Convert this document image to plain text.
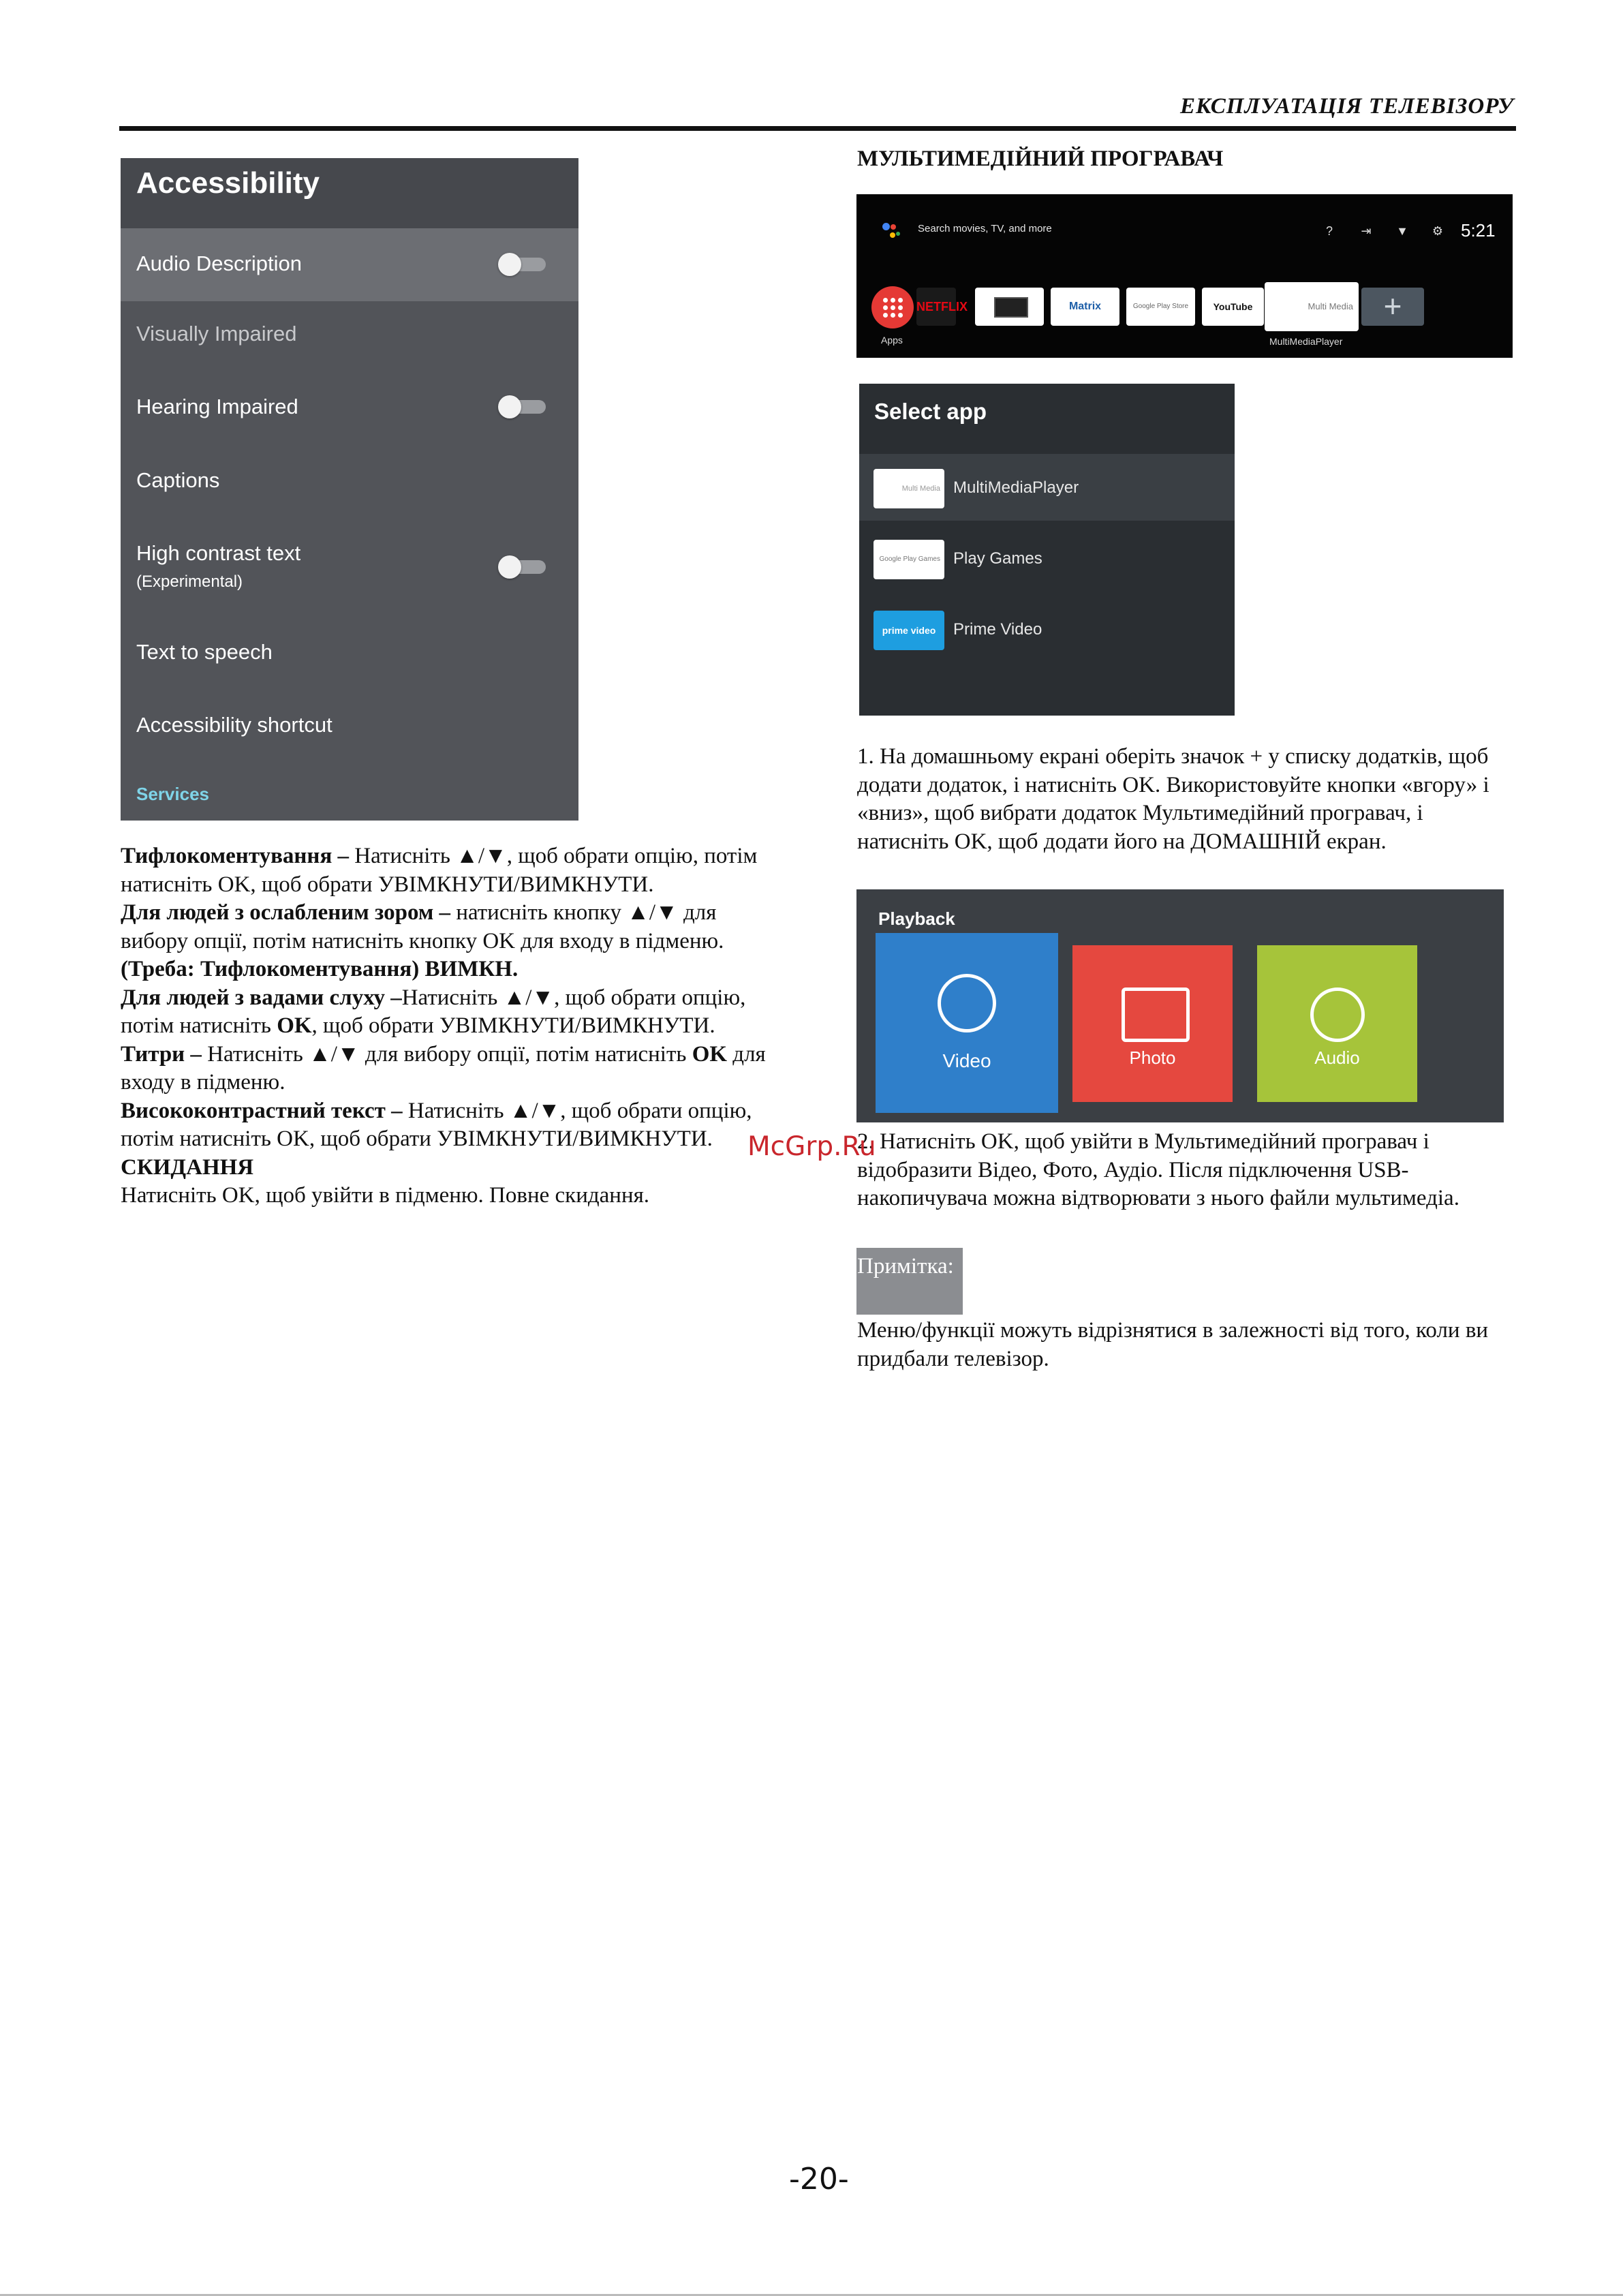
ЕКСПЛУАТАЦІЯ ТЕЛЕВІЗОРУ
Accessibility
Audio Description
Visually Impaired
Hearing Impaired
Captions
High contrast text
(Experimental)
Text to speech
Accessibility shortcut
Services

Тифлокоментування – Натисніть ▲/▼, щоб обрати опцію, потім натисніть OK, щоб обрати УВІМКНУТИ/ВИМКНУТИ.

Для людей з ослабленим зором – натисніть кнопку ▲/▼ для вибору опції, потім натисніть кнопку OK для входу в підменю.

(Треба: Тифлокоментування) ВИМКН.

Для людей з вадами слуху –Натисніть ▲/▼, щоб обрати опцію, потім натисніть OK, щоб обрати УВІМКНУТИ/ВИМКНУТИ.

Титри – Натисніть ▲/▼ для вибору опції, потім натисніть OK для входу в підменю.

Висококонтрастний текст – Натисніть ▲/▼, щоб обрати опцію, потім натисніть OK, щоб обрати УВІМКНУТИ/ВИМКНУТИ.

СКИДАННЯ

Натисніть OK, щоб увійти в підменю. Повне скидання.

МУЛЬТИМЕДІЙНИЙ ПРОГРАВАЧ
Search movies, TV, and more	?	⇥ ▼ ⚙ 5:21
Apps
NETFLIX	Matrix	Google Play Store	YouTube	Multi Media +
MultiMediaPlayer
Select app
Multi Media MultiMediaPlayer
Google Play Games Play Games
prime video	Prime Video
1. На домашньому екрані оберіть значок + у списку додатків, щоб додати додаток, і натисніть OK. Використовуйте кнопки «вгору» і «вниз», щоб вибрати додаток Мультимедійний програвач, і натисніть OK, щоб додати його на ДОМАШНІЙ екран.
Playback
Video	Photo	Audio
2. Натисніть OK, щоб увійти в Мультимедійний програвач і відобразити Відео, Фото, Аудіо. Після підключення USB-накопичувача можна відтворювати з нього файли мультимедіа.
Примітка:
Меню/функції можуть відрізнятися в залежності від того, коли ви придбали телевізор.
McGrp.Ru
-20-
